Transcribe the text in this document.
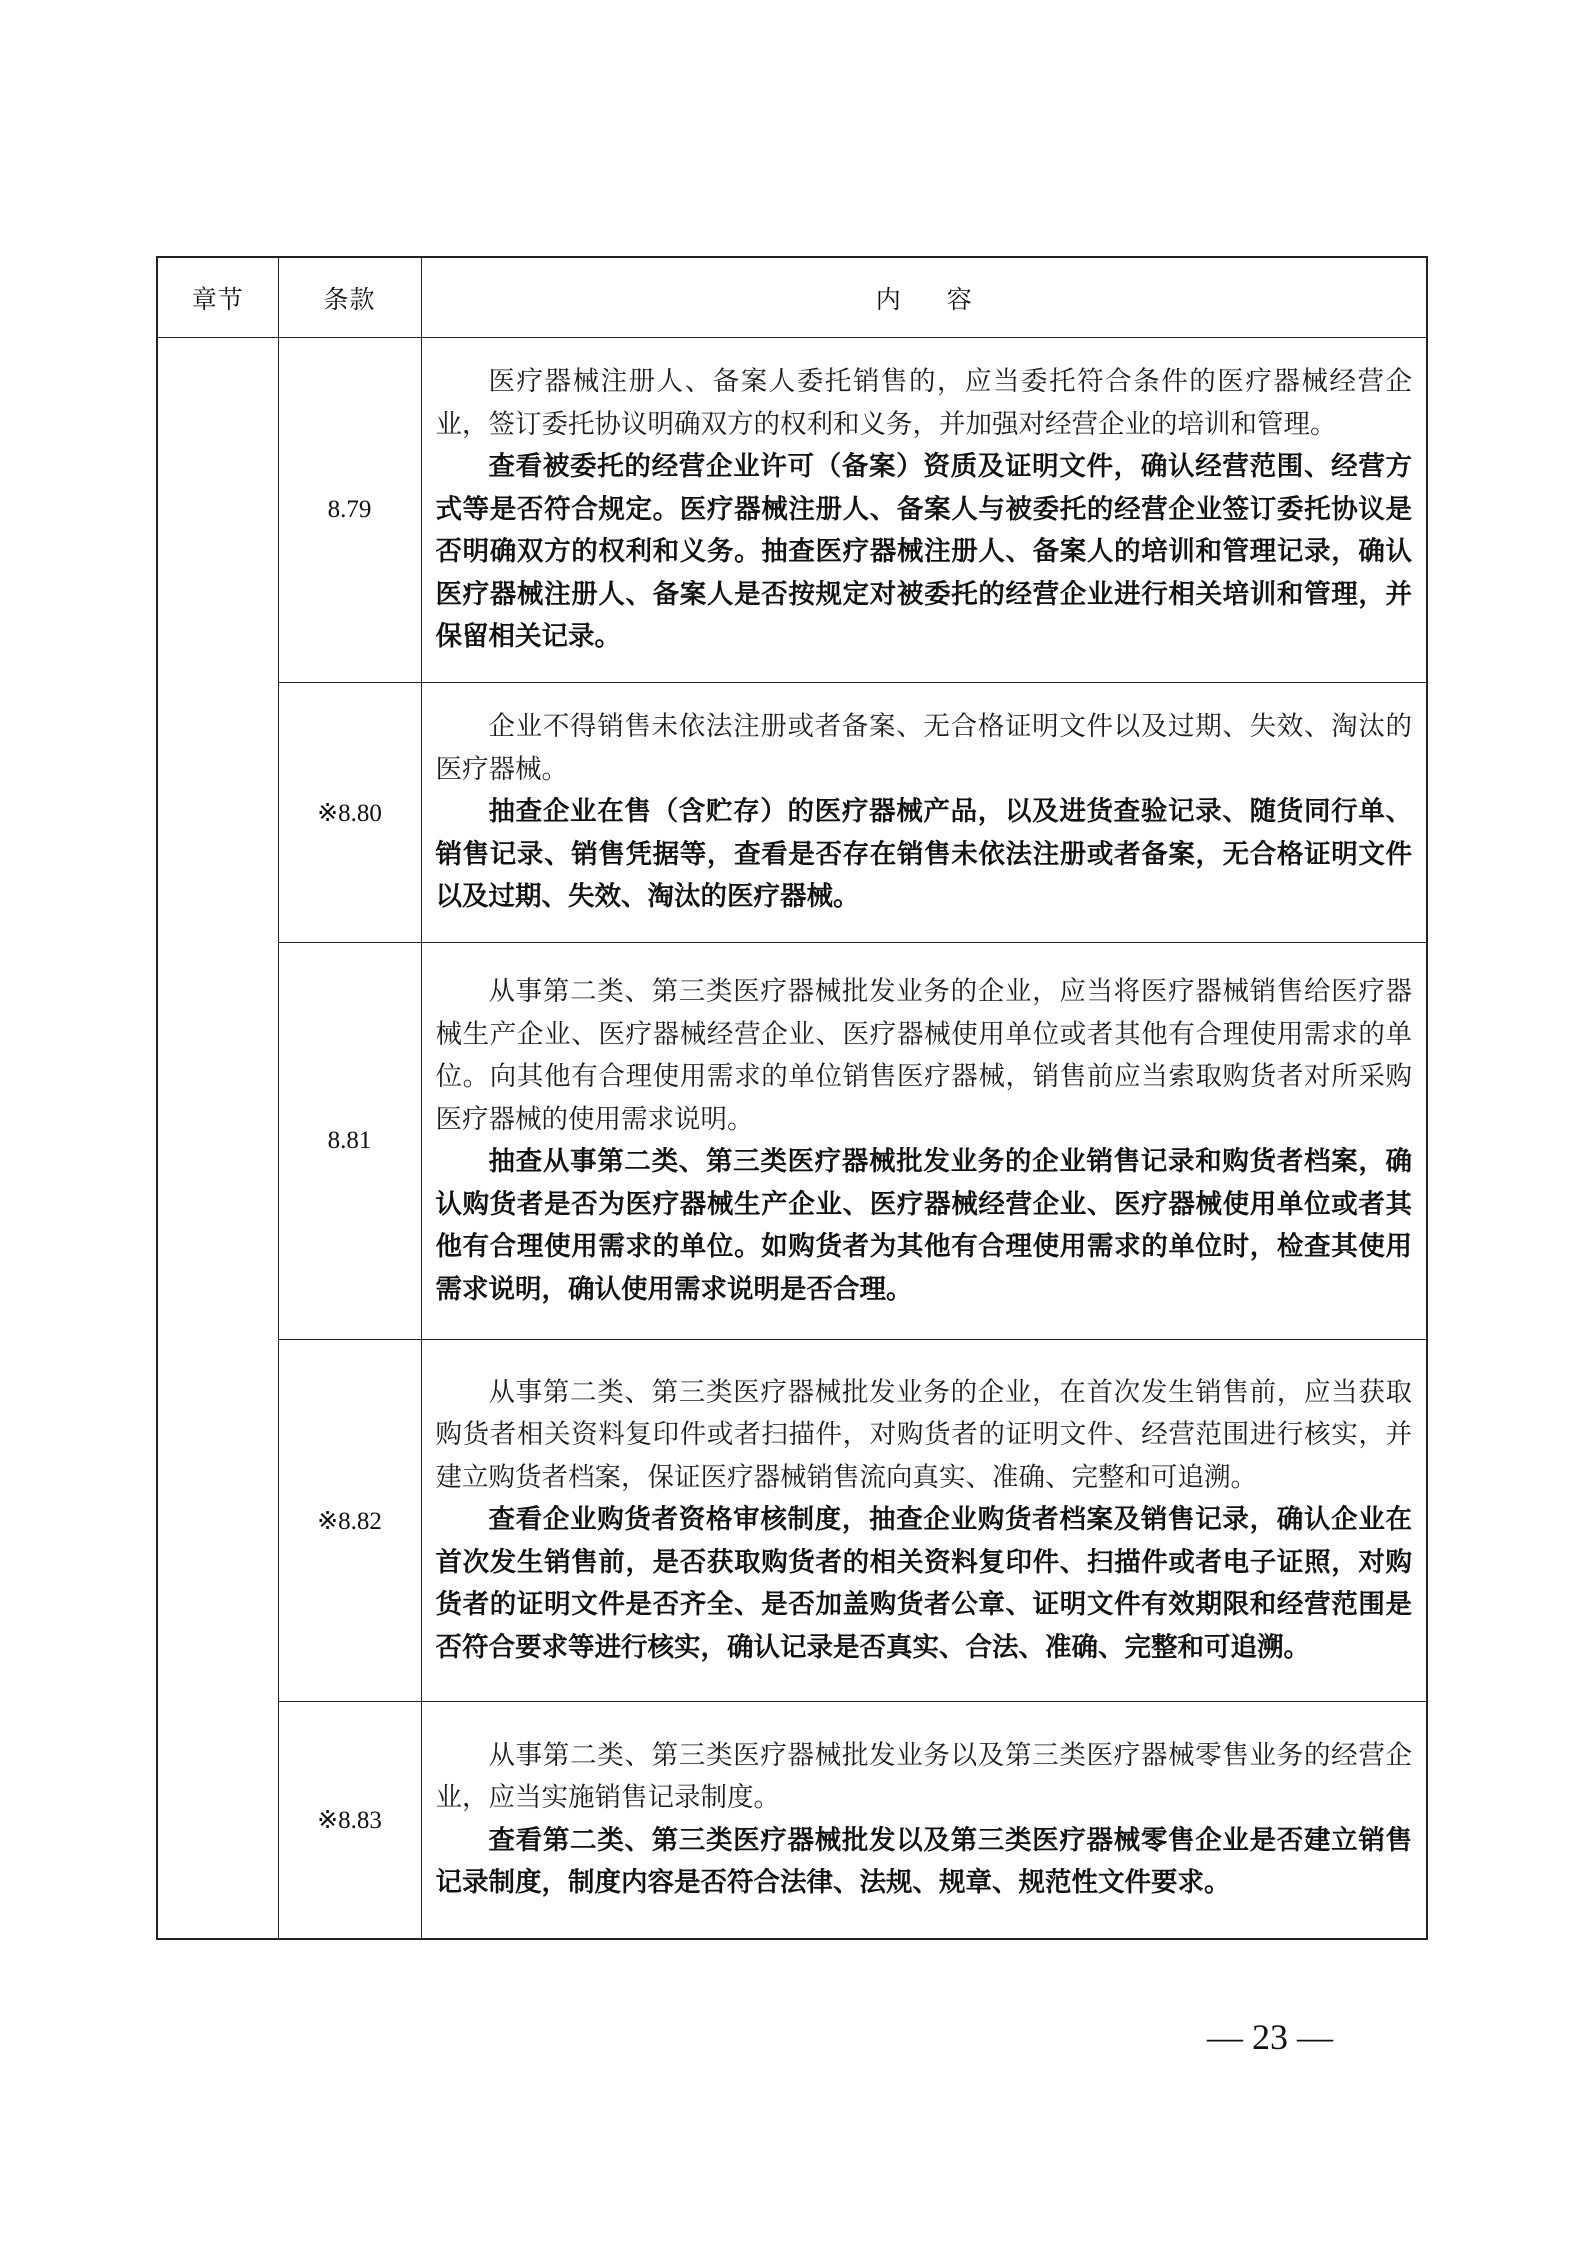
章节	条款	内容
	8.79	医疗器械注册人、备案人委托销售的，应当委托符合条件的医疗器械经营企业，签订委托协议明确双方的权利和义务，并加强对经营企业的培训和管理。

查看被委托的经营企业许可（备案）资质及证明文件，确认经营范围、经营方式等是否符合规定。医疗器械注册人、备案人与被委托的经营企业签订委托协议是否明确双方的权利和义务。抽查医疗器械注册人、备案人的培训和管理记录，确认医疗器械注册人、备案人是否按规定对被委托的经营企业进行相关培训和管理，并保留相关记录。

	※8.80	企业不得销售未依法注册或者备案、无合格证明文件以及过期、失效、淘汰的医疗器械。

抽查企业在售（含贮存）的医疗器械产品，以及进货查验记录、随货同行单、销售记录、销售凭据等，查看是否存在销售未依法注册或者备案，无合格证明文件以及过期、失效、淘汰的医疗器械。

	8.81	从事第二类、第三类医疗器械批发业务的企业，应当将医疗器械销售给医疗器械生产企业、医疗器械经营企业、医疗器械使用单位或者其他有合理使用需求的单位。向其他有合理使用需求的单位销售医疗器械，销售前应当索取购货者对所采购医疗器械的使用需求说明。

抽查从事第二类、第三类医疗器械批发业务的企业销售记录和购货者档案，确认购货者是否为医疗器械生产企业、医疗器械经营企业、医疗器械使用单位或者其他有合理使用需求的单位。如购货者为其他有合理使用需求的单位时，检查其使用需求说明，确认使用需求说明是否合理。

	※8.82	从事第二类、第三类医疗器械批发业务的企业，在首次发生销售前，应当获取购货者相关资料复印件或者扫描件，对购货者的证明文件、经营范围进行核实，并建立购货者档案，保证医疗器械销售流向真实、准确、完整和可追溯。

查看企业购货者资格审核制度，抽查企业购货者档案及销售记录，确认企业在首次发生销售前，是否获取购货者的相关资料复印件、扫描件或者电子证照，对购货者的证明文件是否齐全、是否加盖购货者公章、证明文件有效期限和经营范围是否符合要求等进行核实，确认记录是否真实、合法、准确、完整和可追溯。

	※8.83	从事第二类、第三类医疗器械批发业务以及第三类医疗器械零售业务的经营企业，应当实施销售记录制度。

查看第二类、第三类医疗器械批发以及第三类医疗器械零售企业是否建立销售记录制度，制度内容是否符合法律、法规、规章、规范性文件要求。

— 23 —
